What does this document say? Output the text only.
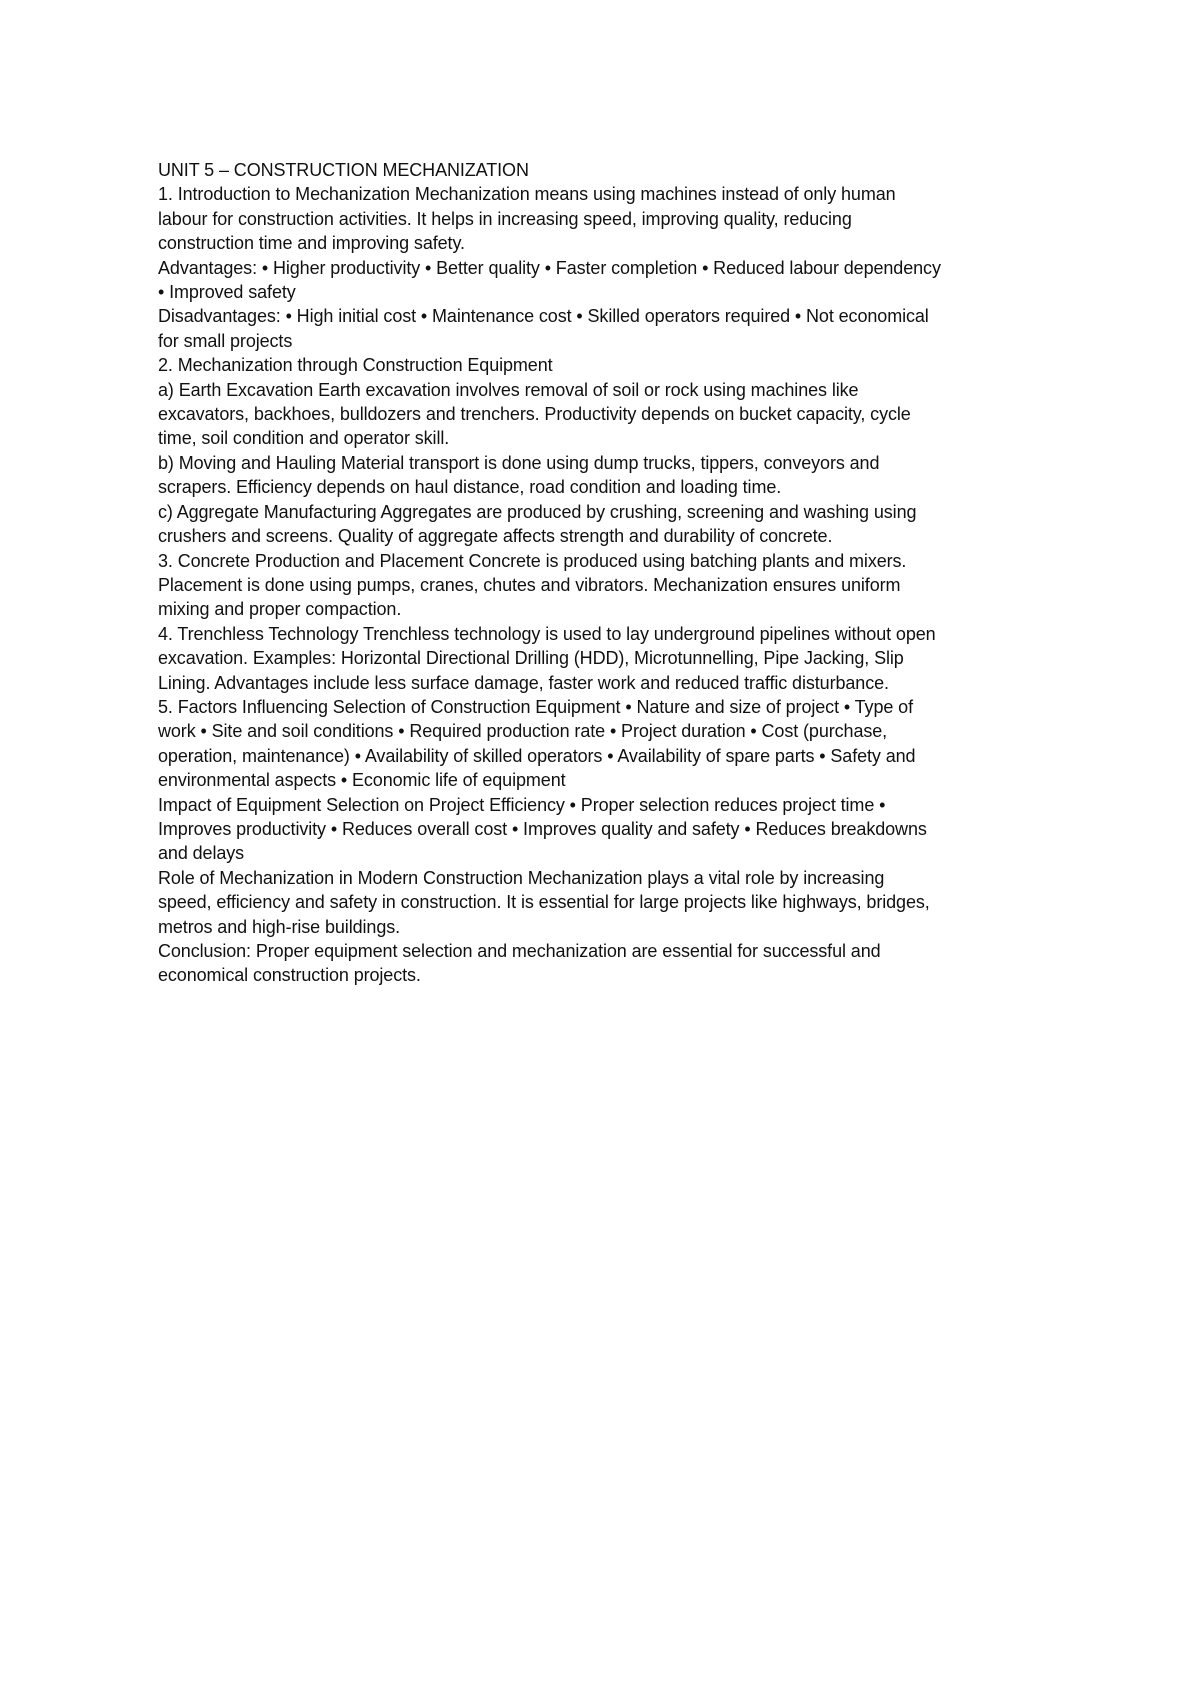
UNIT 5 – CONSTRUCTION MECHANIZATION

1. Introduction to Mechanization Mechanization means using machines instead of only human
labour for construction activities. It helps in increasing speed, improving quality, reducing
construction time and improving safety.

Advantages: • Higher productivity • Better quality • Faster completion • Reduced labour dependency
• Improved safety

Disadvantages: • High initial cost • Maintenance cost • Skilled operators required • Not economical
for small projects

2. Mechanization through Construction Equipment

a) Earth Excavation Earth excavation involves removal of soil or rock using machines like
excavators, backhoes, bulldozers and trenchers. Productivity depends on bucket capacity, cycle
time, soil condition and operator skill.

b) Moving and Hauling Material transport is done using dump trucks, tippers, conveyors and
scrapers. Efficiency depends on haul distance, road condition and loading time.

c) Aggregate Manufacturing Aggregates are produced by crushing, screening and washing using
crushers and screens. Quality of aggregate affects strength and durability of concrete.

3. Concrete Production and Placement Concrete is produced using batching plants and mixers.
Placement is done using pumps, cranes, chutes and vibrators. Mechanization ensures uniform
mixing and proper compaction.

4. Trenchless Technology Trenchless technology is used to lay underground pipelines without open
excavation. Examples: Horizontal Directional Drilling (HDD), Microtunnelling, Pipe Jacking, Slip
Lining. Advantages include less surface damage, faster work and reduced traffic disturbance.

5. Factors Influencing Selection of Construction Equipment • Nature and size of project • Type of
work • Site and soil conditions • Required production rate • Project duration • Cost (purchase,
operation, maintenance) • Availability of skilled operators • Availability of spare parts • Safety and
environmental aspects • Economic life of equipment

Impact of Equipment Selection on Project Efficiency • Proper selection reduces project time •
Improves productivity • Reduces overall cost • Improves quality and safety • Reduces breakdowns
and delays

Role of Mechanization in Modern Construction Mechanization plays a vital role by increasing
speed, efficiency and safety in construction. It is essential for large projects like highways, bridges,
metros and high-rise buildings.

Conclusion: Proper equipment selection and mechanization are essential for successful and
economical construction projects.
